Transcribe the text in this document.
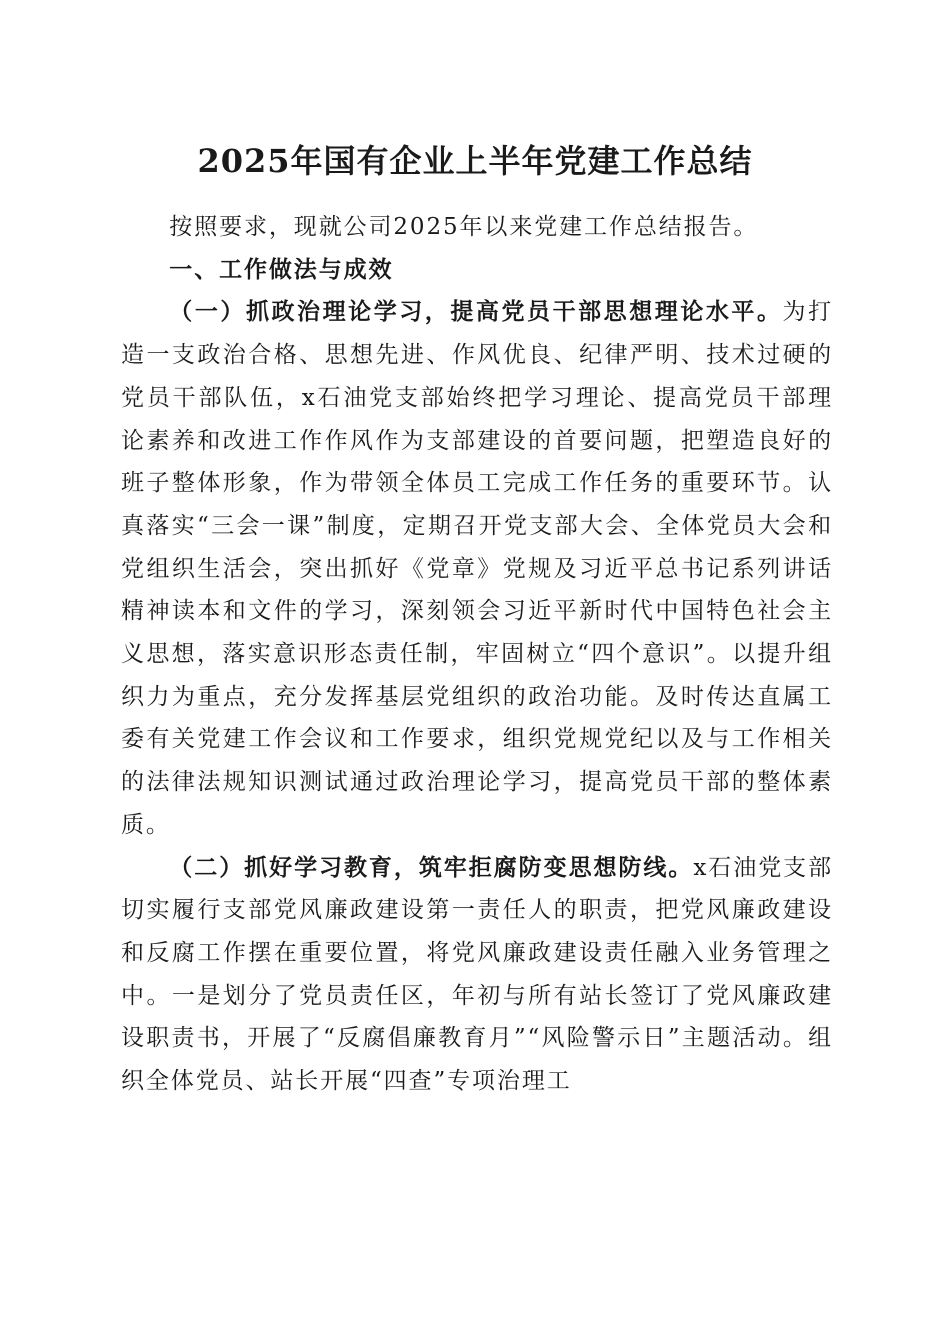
2025年国有企业上半年党建工作总结

按照要求，现就公司2025年以来党建工作总结报告。

一、工作做法与成效

（一）抓政治理论学习，提高党员干部思想理论水平。为打造一支政治合格、思想先进、作风优良、纪律严明、技术过硬的党员干部队伍，x石油党支部始终把学习理论、提高党员干部理论素养和改进工作作风作为支部建设的首要问题，把塑造良好的班子整体形象，作为带领全体员工完成工作任务的重要环节。认真落实“三会一课”制度，定期召开党支部大会、全体党员大会和党组织生活会，突出抓好《党章》党规及习近平总书记系列讲话精神读本和文件的学习，深刻领会习近平新时代中国特色社会主义思想，落实意识形态责任制，牢固树立“四个意识”。以提升组织力为重点，充分发挥基层党组织的政治功能。及时传达直属工委有关党建工作会议和工作要求，组织党规党纪以及与工作相关的法律法规知识测试通过政治理论学习，提高党员干部的整体素质。

（二）抓好学习教育，筑牢拒腐防变思想防线。x石油党支部切实履行支部党风廉政建设第一责任人的职责，把党风廉政建设和反腐工作摆在重要位置，将党风廉政建设责任融入业务管理之中。一是划分了党员责任区，年初与所有站长签订了党风廉政建设职责书，开展了“反腐倡廉教育月”“风险警示日”主题活动。组织全体党员、站长开展“四查”专项治理工
